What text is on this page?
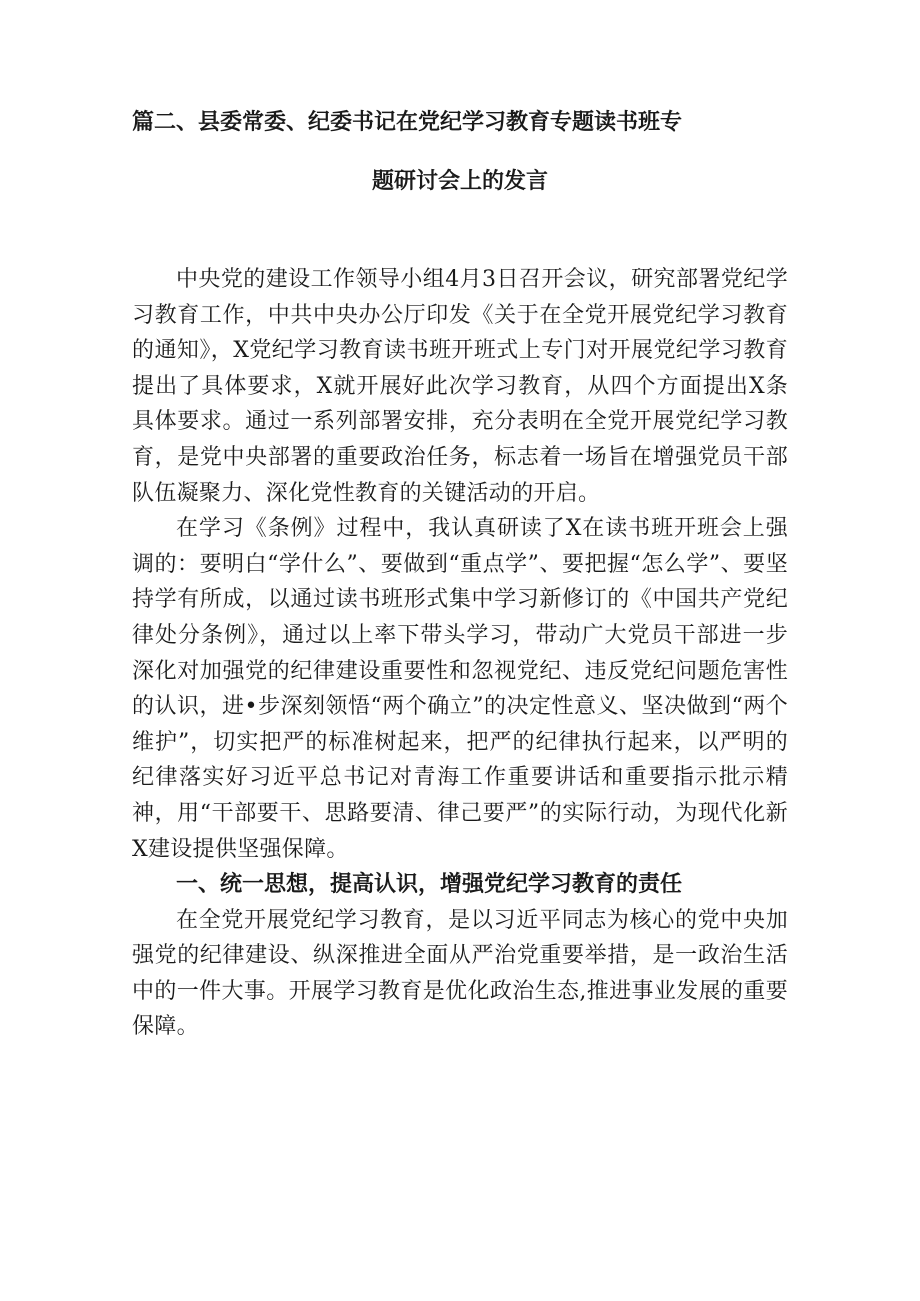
篇二、县委常委、纪委书记在党纪学习教育专题读书班专
题研讨会上的发言

中央党的建设工作领导小组4月3日召开会议，研究部署党纪学习教育工作，中共中央办公厅印发《关于在全党开展党纪学习教育的通知》，X党纪学习教育读书班开班式上专门对开展党纪学习教育提出了具体要求，X就开展好此次学习教育，从四个方面提出X条具体要求。通过一系列部署安排，充分表明在全党开展党纪学习教育，是党中央部署的重要政治任务，标志着一场旨在增强党员干部队伍凝聚力、深化党性教育的关键活动的开启。

在学习《条例》过程中，我认真研读了X在读书班开班会上强调的：要明白“学什么”、要做到“重点学”、要把握“怎么学”、要坚持学有所成，以通过读书班形式集中学习新修订的《中国共产党纪律处分条例》，通过以上率下带头学习，带动广大党员干部进一步深化对加强党的纪律建设重要性和忽视党纪、违反党纪问题危害性的认识，进•步深刻领悟“两个确立”的决定性意义、坚决做到“两个维护”，切实把严的标准树起来，把严的纪律执行起来，以严明的纪律落实好习近平总书记对青海工作重要讲话和重要指示批示精神，用“干部要干、思路要清、律己要严”的实际行动，为现代化新X建设提供坚强保障。

一、统一思想，提高认识，增强党纪学习教育的责任

在全党开展党纪学习教育，是以习近平同志为核心的党中央加强党的纪律建设、纵深推进全面从严治党重要举措，是一政治生活中的一件大事。开展学习教育是优化政治生态,推进事业发展的重要保障。
